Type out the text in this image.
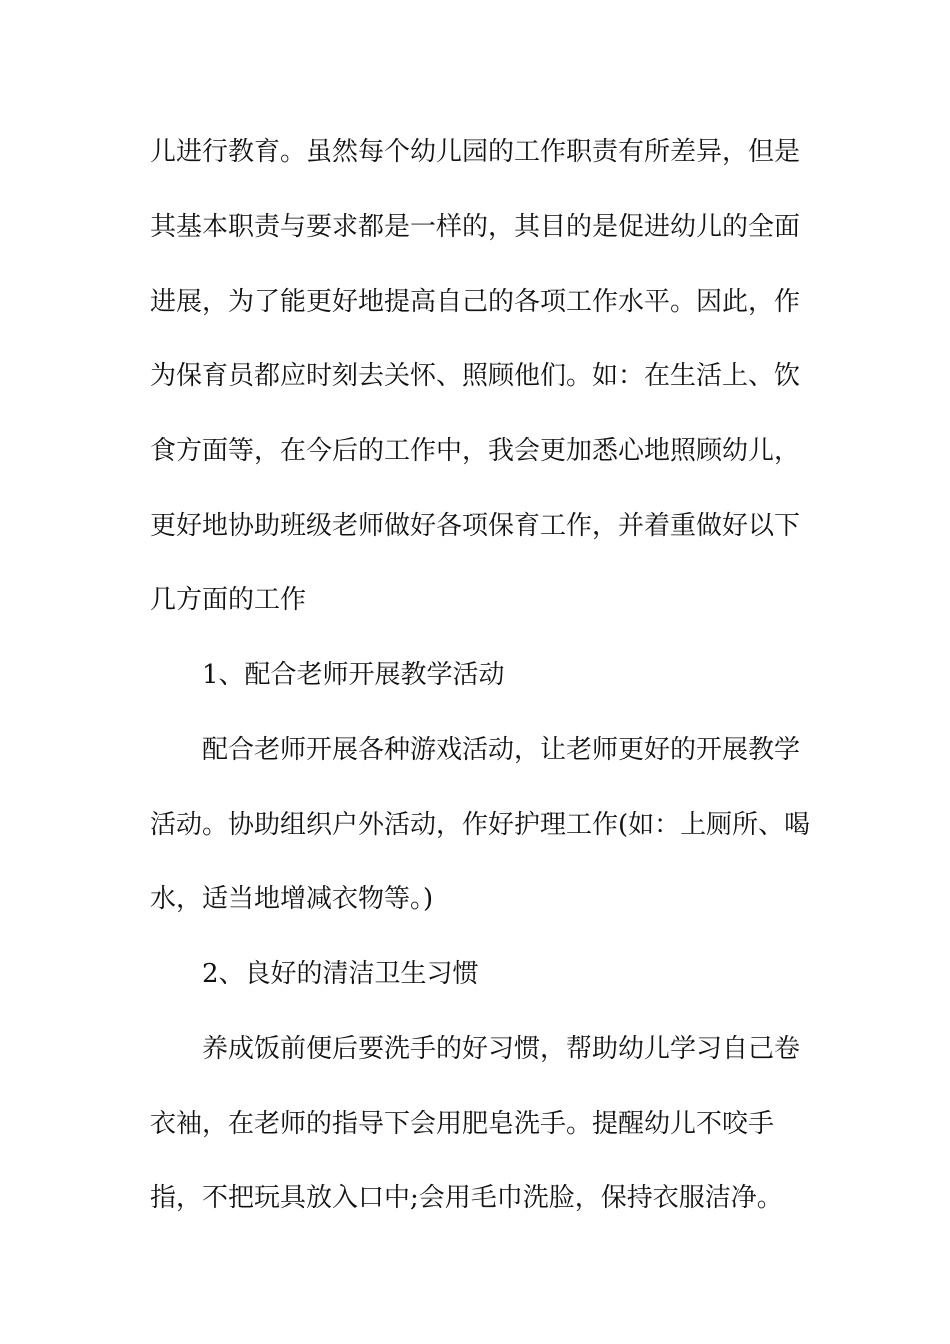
儿进行教育。虽然每个幼儿园的工作职责有所差异，但是
其基本职责与要求都是一样的，其目的是促进幼儿的全面
进展，为了能更好地提高自己的各项工作水平。因此，作
为保育员都应时刻去关怀、照顾他们。如：在生活上、饮
食方面等，在今后的工作中，我会更加悉心地照顾幼儿，
更好地协助班级老师做好各项保育工作，并着重做好以下
几方面的工作
1、配合老师开展教学活动
配合老师开展各种游戏活动，让老师更好的开展教学
活动。协助组织户外活动，作好护理工作(如：上厕所、喝
水，适当地增减衣物等。)
2、良好的清洁卫生习惯
养成饭前便后要洗手的好习惯，帮助幼儿学习自己卷
衣袖，在老师的指导下会用肥皂洗手。提醒幼儿不咬手
指，不把玩具放入口中;会用毛巾洗脸，保持衣服洁净。
